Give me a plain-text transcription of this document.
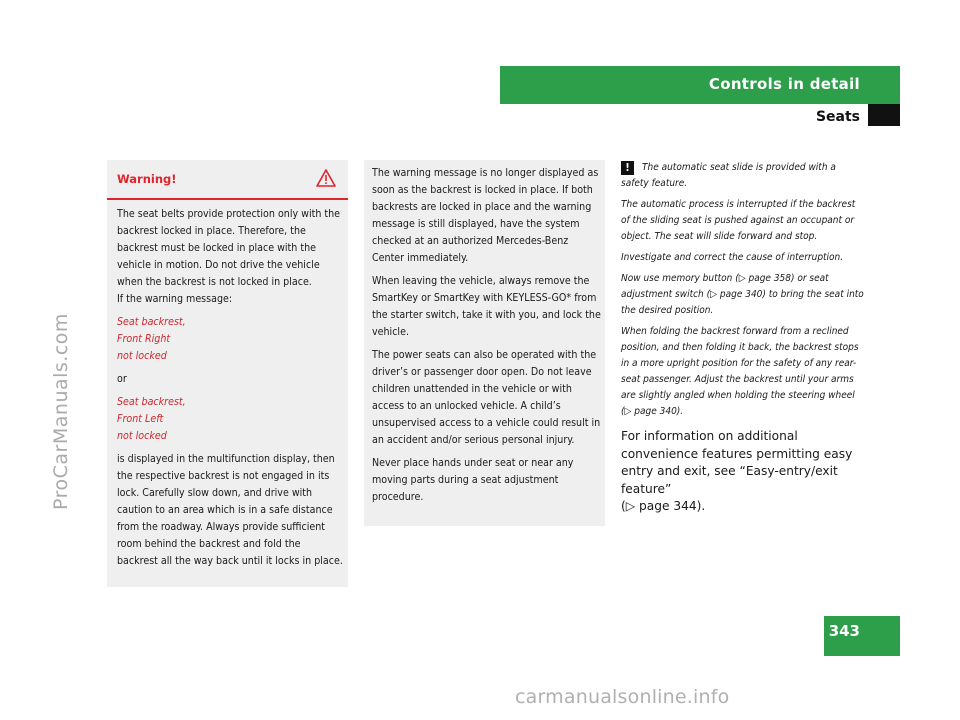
ProCarManuals.com
Controls in detail
Seats
Warning!

The seat belts provide protection only with the backrest locked in place. Therefore, the backrest must be locked in place with the vehicle in motion. Do not drive the vehicle when the backrest is not locked in place.
If the warning message:

Seat backrest,
Front Right
not locked

or

Seat backrest,
Front Left
not locked

is displayed in the multifunction display, then the respective backrest is not engaged in its lock. Carefully slow down, and drive with caution to an area which is in a safe distance from the roadway. Always provide sufficient room behind the backrest and fold the backrest all the way back until it locks in place.

The warning message is no longer displayed as soon as the backrest is locked in place. If both backrests are locked in place and the warning message is still displayed, have the system checked at an authorized Mercedes-Benz Center immediately.

When leaving the vehicle, always remove the SmartKey or SmartKey with KEYLESS-GO* from the starter switch, take it with you, and lock the vehicle.

The power seats can also be operated with the driver’s or passenger door open. Do not leave children unattended in the vehicle or with access to an unlocked vehicle. A child’s unsupervised access to a vehicle could result in an accident and/or serious personal injury.

Never place hands under seat or near any moving parts during a seat adjustment procedure.

! The automatic seat slide is provided with a safety feature.

The automatic process is interrupted if the backrest of the sliding seat is pushed against an occupant or object. The seat will slide forward and stop.

Investigate and correct the cause of interruption.

Now use memory button (▷ page 358) or seat adjustment switch (▷ page 340) to bring the seat into the desired position.

When folding the backrest forward from a reclined position, and then folding it back, the backrest stops in a more upright position for the safety of any rear-seat passenger. Adjust the backrest until your arms are slightly angled when holding the steering wheel (▷ page 340).

For information on additional convenience features permitting easy entry and exit, see “Easy-entry/exit feature”
(▷ page 344).
343
carmanualsonline.info
